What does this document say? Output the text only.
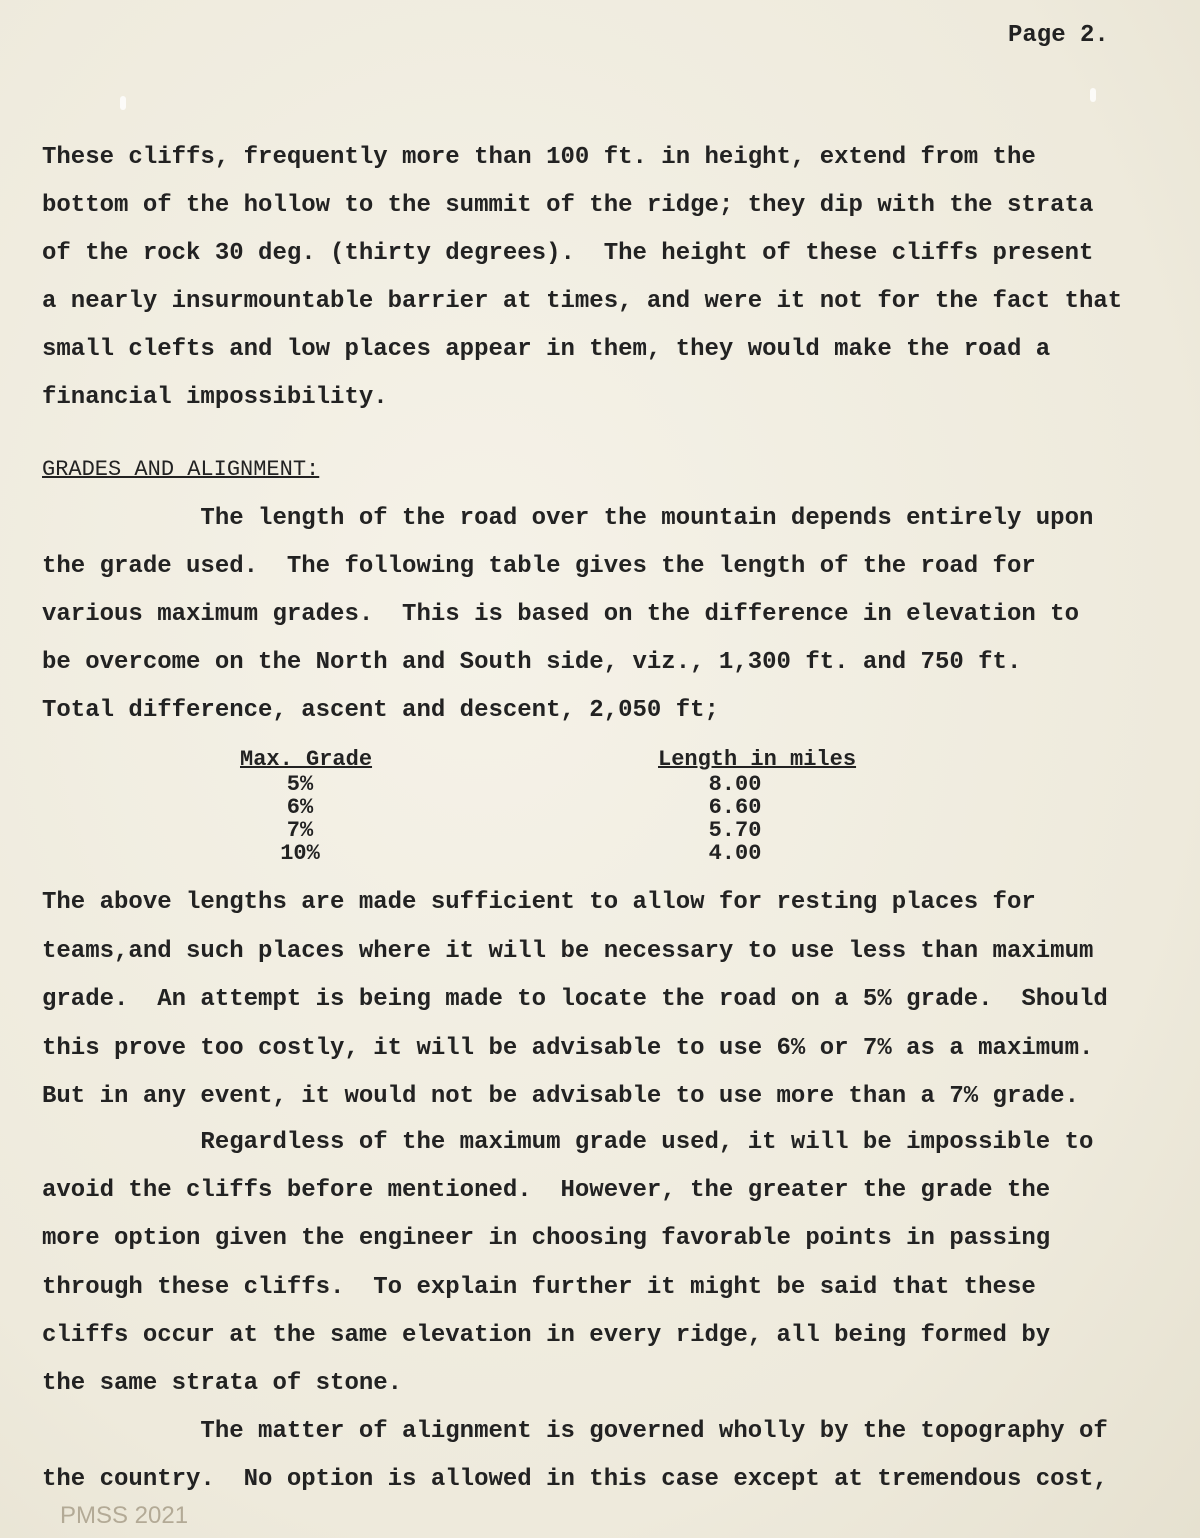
Page 2.
These cliffs, frequently more than 100 ft. in height, extend from the
bottom of the hollow to the summit of the ridge; they dip with the strata
of the rock 30 deg. (thirty degrees).  The height of these cliffs present
a nearly insurmountable barrier at times, and were it not for the fact that
small clefts and low places appear in them, they would make the road a
financial impossibility.
GRADES AND ALIGNMENT:
The length of the road over the mountain depends entirely upon
the grade used.  The following table gives the length of the road for
various maximum grades.  This is based on the difference in elevation to
be overcome on the North and South side, viz., 1,300 ft. and 750 ft.
Total difference, ascent and descent, 2,050 ft;
Max. Grade	Length in miles
5%	8.00
6%	6.60
7%	5.70
10%	4.00
The above lengths are made sufficient to allow for resting places for
teams,and such places where it will be necessary to use less than maximum
grade.  An attempt is being made to locate the road on a 5% grade.  Should
this prove too costly, it will be advisable to use 6% or 7% as a maximum.
But in any event, it would not be advisable to use more than a 7% grade.
Regardless of the maximum grade used, it will be impossible to
avoid the cliffs before mentioned.  However, the greater the grade the
more option given the engineer in choosing favorable points in passing
through these cliffs.  To explain further it might be said that these
cliffs occur at the same elevation in every ridge, all being formed by
the same strata of stone.
The matter of alignment is governed wholly by the topography of
the country.  No option is allowed in this case except at tremendous cost,
PMSS 2021
